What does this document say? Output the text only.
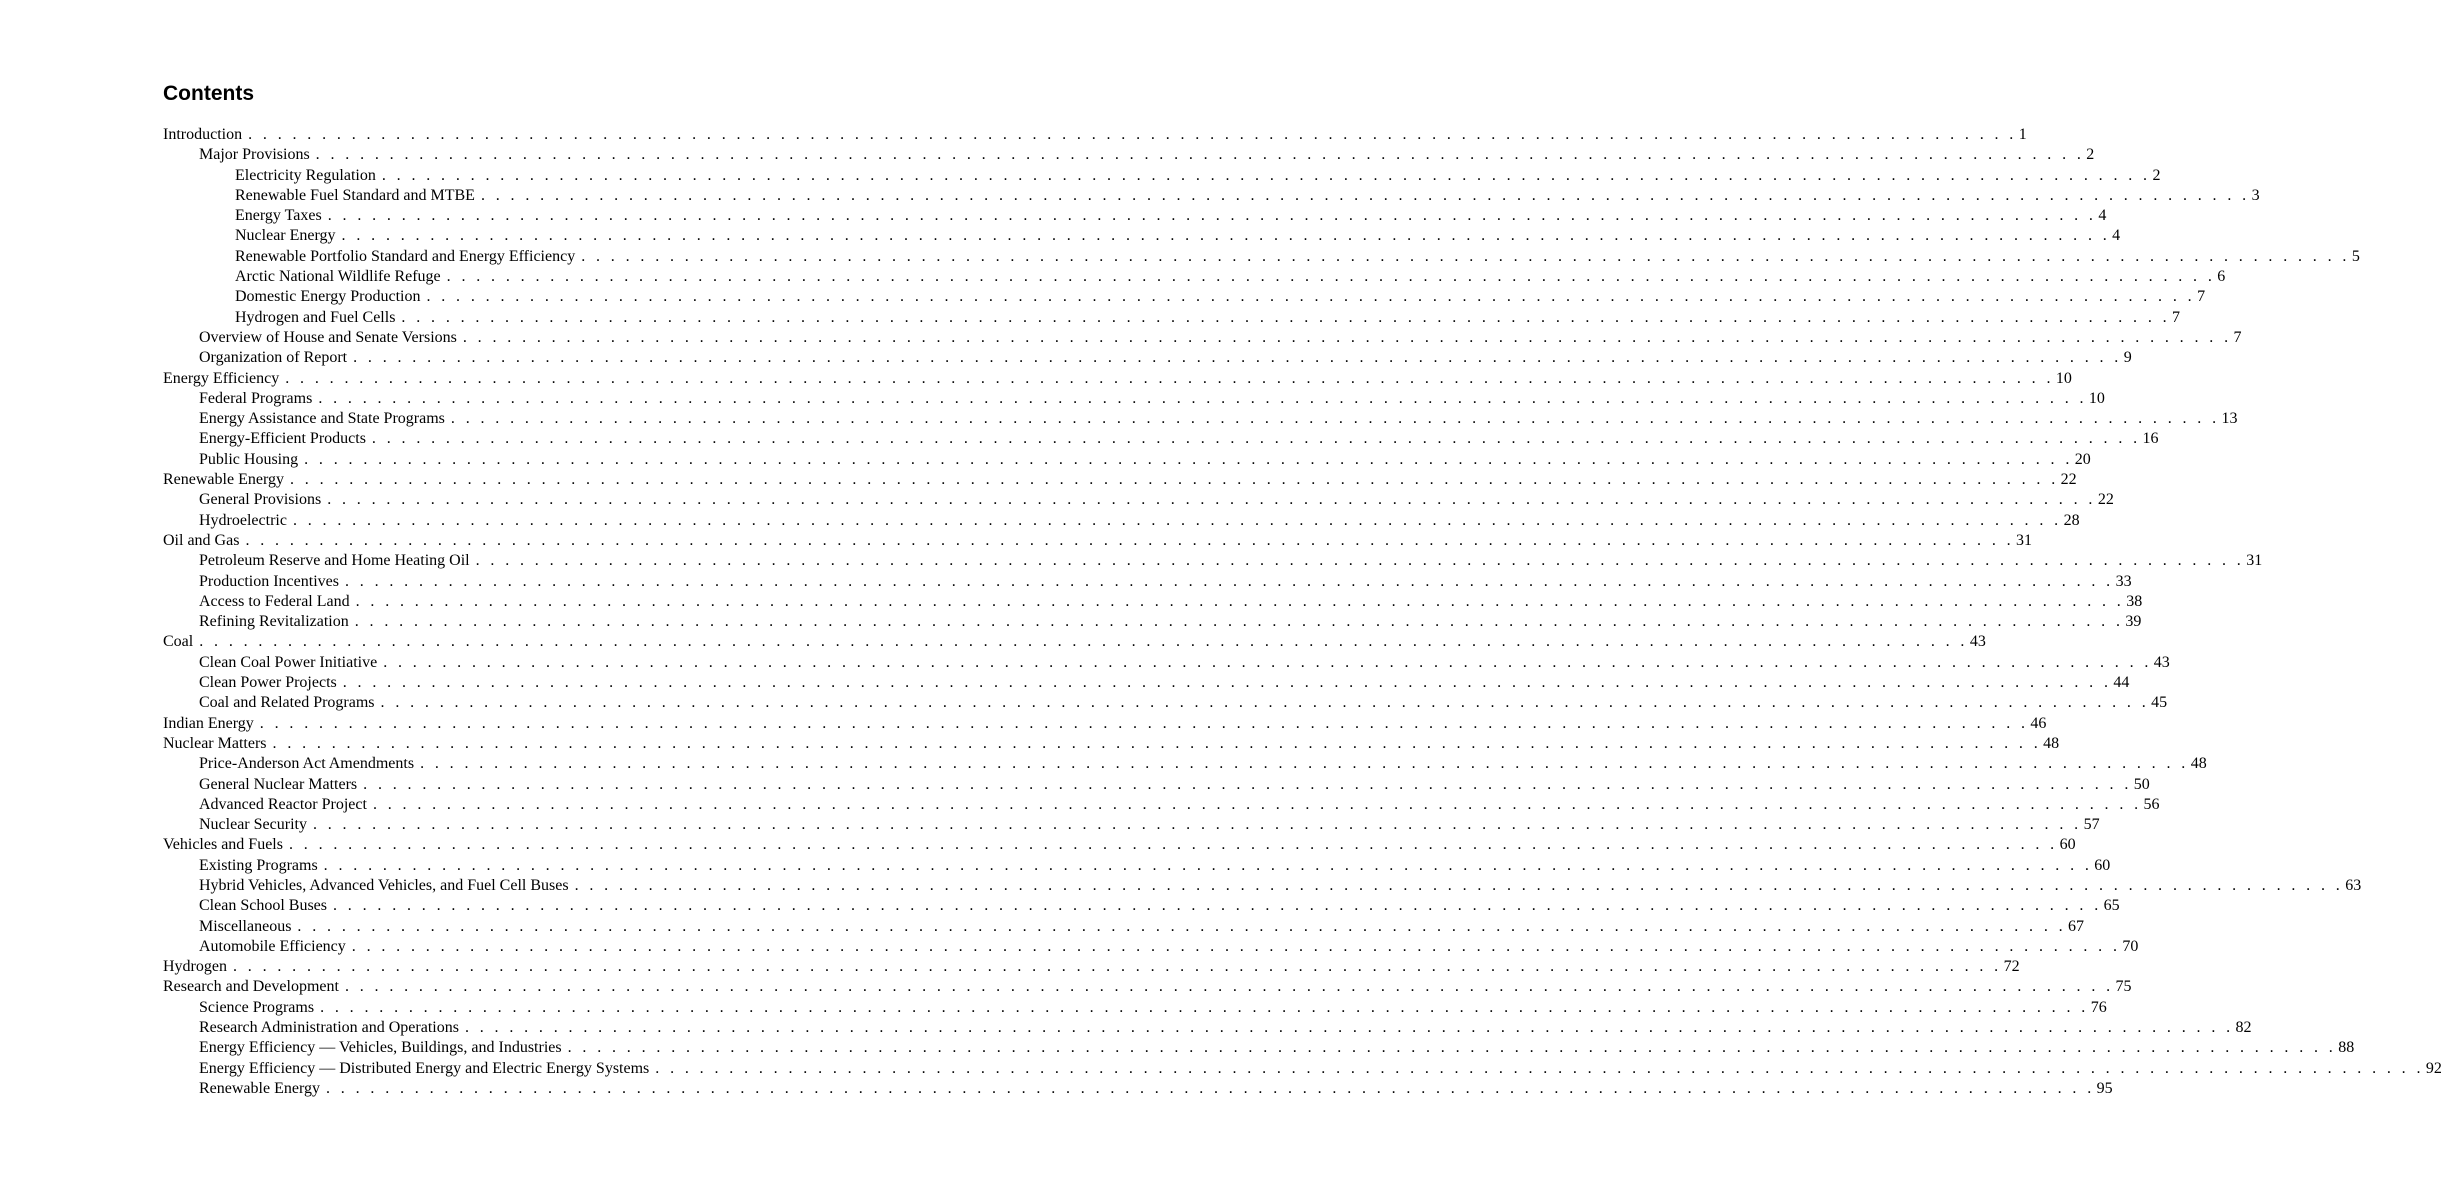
Contents
Introduction . . . . . . . . . . . . . . . . . . . . . . . . . . . . . . . . . . . . . . . . . . . . . . . . . . . . . . . . . . . . . . . . . . . . . . . . . . . . . . . . . . . . . . . . . . . . . . . . . . . . . . . . . . . . . . . . . . . . . . . . 1
Major Provisions . . . . . . . . . . . . . . . . . . . . . . . . . . . . . . . . . . . . . . . . . . . . . . . . . . . . . . . . . . . . . . . . . . . . . . . . . . . . . . . . . . . . . . . . . . . . . . . . . . . . . . . . . . . . . . . . . . . . . . . . 2
Electricity Regulation . . . . . . . . . . . . . . . . . . . . . . . . . . . . . . . . . . . . . . . . . . . . . . . . . . . . . . . . . . . . . . . . . . . . . . . . . . . . . . . . . . . . . . . . . . . . . . . . . . . . . . . . . . . . . . . . . . . . . . . . 2
Renewable Fuel Standard and MTBE . . . . . . . . . . . . . . . . . . . . . . . . . . . . . . . . . . . . . . . . . . . . . . . . . . . . . . . . . . . . . . . . . . . . . . . . . . . . . . . . . . . . . . . . . . . . . . . . . . . . . . . . . . . . . . . . . . . . . . . . 3
Energy Taxes . . . . . . . . . . . . . . . . . . . . . . . . . . . . . . . . . . . . . . . . . . . . . . . . . . . . . . . . . . . . . . . . . . . . . . . . . . . . . . . . . . . . . . . . . . . . . . . . . . . . . . . . . . . . . . . . . . . . . . . . 4
Nuclear Energy . . . . . . . . . . . . . . . . . . . . . . . . . . . . . . . . . . . . . . . . . . . . . . . . . . . . . . . . . . . . . . . . . . . . . . . . . . . . . . . . . . . . . . . . . . . . . . . . . . . . . . . . . . . . . . . . . . . . . . . . 4
Renewable Portfolio Standard and Energy Efficiency . . . . . . . . . . . . . . . . . . . . . . . . . . . . . . . . . . . . . . . . . . . . . . . . . . . . . . . . . . . . . . . . . . . . . . . . . . . . . . . . . . . . . . . . . . . . . . . . . . . . . . . . . . . . . . . . . . . . . . . . 5
Arctic National Wildlife Refuge . . . . . . . . . . . . . . . . . . . . . . . . . . . . . . . . . . . . . . . . . . . . . . . . . . . . . . . . . . . . . . . . . . . . . . . . . . . . . . . . . . . . . . . . . . . . . . . . . . . . . . . . . . . . . . . . . . . . . . . . 6
Domestic Energy Production . . . . . . . . . . . . . . . . . . . . . . . . . . . . . . . . . . . . . . . . . . . . . . . . . . . . . . . . . . . . . . . . . . . . . . . . . . . . . . . . . . . . . . . . . . . . . . . . . . . . . . . . . . . . . . . . . . . . . . . . 7
Hydrogen and Fuel Cells . . . . . . . . . . . . . . . . . . . . . . . . . . . . . . . . . . . . . . . . . . . . . . . . . . . . . . . . . . . . . . . . . . . . . . . . . . . . . . . . . . . . . . . . . . . . . . . . . . . . . . . . . . . . . . . . . . . . . . . . 7
Overview of House and Senate Versions . . . . . . . . . . . . . . . . . . . . . . . . . . . . . . . . . . . . . . . . . . . . . . . . . . . . . . . . . . . . . . . . . . . . . . . . . . . . . . . . . . . . . . . . . . . . . . . . . . . . . . . . . . . . . . . . . . . . . . . . 7
Organization of Report . . . . . . . . . . . . . . . . . . . . . . . . . . . . . . . . . . . . . . . . . . . . . . . . . . . . . . . . . . . . . . . . . . . . . . . . . . . . . . . . . . . . . . . . . . . . . . . . . . . . . . . . . . . . . . . . . . . . . . . . 9
Energy Efficiency . . . . . . . . . . . . . . . . . . . . . . . . . . . . . . . . . . . . . . . . . . . . . . . . . . . . . . . . . . . . . . . . . . . . . . . . . . . . . . . . . . . . . . . . . . . . . . . . . . . . . . . . . . . . . . . . . . . . . . . . 10
Federal Programs . . . . . . . . . . . . . . . . . . . . . . . . . . . . . . . . . . . . . . . . . . . . . . . . . . . . . . . . . . . . . . . . . . . . . . . . . . . . . . . . . . . . . . . . . . . . . . . . . . . . . . . . . . . . . . . . . . . . . . . . 10
Energy Assistance and State Programs . . . . . . . . . . . . . . . . . . . . . . . . . . . . . . . . . . . . . . . . . . . . . . . . . . . . . . . . . . . . . . . . . . . . . . . . . . . . . . . . . . . . . . . . . . . . . . . . . . . . . . . . . . . . . . . . . . . . . . . . 13
Energy-Efficient Products . . . . . . . . . . . . . . . . . . . . . . . . . . . . . . . . . . . . . . . . . . . . . . . . . . . . . . . . . . . . . . . . . . . . . . . . . . . . . . . . . . . . . . . . . . . . . . . . . . . . . . . . . . . . . . . . . . . . . . . . 16
Public Housing . . . . . . . . . . . . . . . . . . . . . . . . . . . . . . . . . . . . . . . . . . . . . . . . . . . . . . . . . . . . . . . . . . . . . . . . . . . . . . . . . . . . . . . . . . . . . . . . . . . . . . . . . . . . . . . . . . . . . . . . 20
Renewable Energy . . . . . . . . . . . . . . . . . . . . . . . . . . . . . . . . . . . . . . . . . . . . . . . . . . . . . . . . . . . . . . . . . . . . . . . . . . . . . . . . . . . . . . . . . . . . . . . . . . . . . . . . . . . . . . . . . . . . . . . . 22
General Provisions . . . . . . . . . . . . . . . . . . . . . . . . . . . . . . . . . . . . . . . . . . . . . . . . . . . . . . . . . . . . . . . . . . . . . . . . . . . . . . . . . . . . . . . . . . . . . . . . . . . . . . . . . . . . . . . . . . . . . . . . 22
Hydroelectric . . . . . . . . . . . . . . . . . . . . . . . . . . . . . . . . . . . . . . . . . . . . . . . . . . . . . . . . . . . . . . . . . . . . . . . . . . . . . . . . . . . . . . . . . . . . . . . . . . . . . . . . . . . . . . . . . . . . . . . . 28
Oil and Gas . . . . . . . . . . . . . . . . . . . . . . . . . . . . . . . . . . . . . . . . . . . . . . . . . . . . . . . . . . . . . . . . . . . . . . . . . . . . . . . . . . . . . . . . . . . . . . . . . . . . . . . . . . . . . . . . . . . . . . . . 31
Petroleum Reserve and Home Heating Oil . . . . . . . . . . . . . . . . . . . . . . . . . . . . . . . . . . . . . . . . . . . . . . . . . . . . . . . . . . . . . . . . . . . . . . . . . . . . . . . . . . . . . . . . . . . . . . . . . . . . . . . . . . . . . . . . . . . . . . . . 31
Production Incentives . . . . . . . . . . . . . . . . . . . . . . . . . . . . . . . . . . . . . . . . . . . . . . . . . . . . . . . . . . . . . . . . . . . . . . . . . . . . . . . . . . . . . . . . . . . . . . . . . . . . . . . . . . . . . . . . . . . . . . . . 33
Access to Federal Land . . . . . . . . . . . . . . . . . . . . . . . . . . . . . . . . . . . . . . . . . . . . . . . . . . . . . . . . . . . . . . . . . . . . . . . . . . . . . . . . . . . . . . . . . . . . . . . . . . . . . . . . . . . . . . . . . . . . . . . . 38
Refining Revitalization . . . . . . . . . . . . . . . . . . . . . . . . . . . . . . . . . . . . . . . . . . . . . . . . . . . . . . . . . . . . . . . . . . . . . . . . . . . . . . . . . . . . . . . . . . . . . . . . . . . . . . . . . . . . . . . . . . . . . . . . 39
Coal . . . . . . . . . . . . . . . . . . . . . . . . . . . . . . . . . . . . . . . . . . . . . . . . . . . . . . . . . . . . . . . . . . . . . . . . . . . . . . . . . . . . . . . . . . . . . . . . . . . . . . . . . . . . . . . . . . . . . . . . 43
Clean Coal Power Initiative . . . . . . . . . . . . . . . . . . . . . . . . . . . . . . . . . . . . . . . . . . . . . . . . . . . . . . . . . . . . . . . . . . . . . . . . . . . . . . . . . . . . . . . . . . . . . . . . . . . . . . . . . . . . . . . . . . . . . . . . 43
Clean Power Projects . . . . . . . . . . . . . . . . . . . . . . . . . . . . . . . . . . . . . . . . . . . . . . . . . . . . . . . . . . . . . . . . . . . . . . . . . . . . . . . . . . . . . . . . . . . . . . . . . . . . . . . . . . . . . . . . . . . . . . . . 44
Coal and Related Programs . . . . . . . . . . . . . . . . . . . . . . . . . . . . . . . . . . . . . . . . . . . . . . . . . . . . . . . . . . . . . . . . . . . . . . . . . . . . . . . . . . . . . . . . . . . . . . . . . . . . . . . . . . . . . . . . . . . . . . . . 45
Indian Energy . . . . . . . . . . . . . . . . . . . . . . . . . . . . . . . . . . . . . . . . . . . . . . . . . . . . . . . . . . . . . . . . . . . . . . . . . . . . . . . . . . . . . . . . . . . . . . . . . . . . . . . . . . . . . . . . . . . . . . . . 46
Nuclear Matters . . . . . . . . . . . . . . . . . . . . . . . . . . . . . . . . . . . . . . . . . . . . . . . . . . . . . . . . . . . . . . . . . . . . . . . . . . . . . . . . . . . . . . . . . . . . . . . . . . . . . . . . . . . . . . . . . . . . . . . . 48
Price-Anderson Act Amendments . . . . . . . . . . . . . . . . . . . . . . . . . . . . . . . . . . . . . . . . . . . . . . . . . . . . . . . . . . . . . . . . . . . . . . . . . . . . . . . . . . . . . . . . . . . . . . . . . . . . . . . . . . . . . . . . . . . . . . . . 48
General Nuclear Matters . . . . . . . . . . . . . . . . . . . . . . . . . . . . . . . . . . . . . . . . . . . . . . . . . . . . . . . . . . . . . . . . . . . . . . . . . . . . . . . . . . . . . . . . . . . . . . . . . . . . . . . . . . . . . . . . . . . . . . . . 50
Advanced Reactor Project . . . . . . . . . . . . . . . . . . . . . . . . . . . . . . . . . . . . . . . . . . . . . . . . . . . . . . . . . . . . . . . . . . . . . . . . . . . . . . . . . . . . . . . . . . . . . . . . . . . . . . . . . . . . . . . . . . . . . . . . 56
Nuclear Security . . . . . . . . . . . . . . . . . . . . . . . . . . . . . . . . . . . . . . . . . . . . . . . . . . . . . . . . . . . . . . . . . . . . . . . . . . . . . . . . . . . . . . . . . . . . . . . . . . . . . . . . . . . . . . . . . . . . . . . . 57
Vehicles and Fuels . . . . . . . . . . . . . . . . . . . . . . . . . . . . . . . . . . . . . . . . . . . . . . . . . . . . . . . . . . . . . . . . . . . . . . . . . . . . . . . . . . . . . . . . . . . . . . . . . . . . . . . . . . . . . . . . . . . . . . . . 60
Existing Programs . . . . . . . . . . . . . . . . . . . . . . . . . . . . . . . . . . . . . . . . . . . . . . . . . . . . . . . . . . . . . . . . . . . . . . . . . . . . . . . . . . . . . . . . . . . . . . . . . . . . . . . . . . . . . . . . . . . . . . . . 60
Hybrid Vehicles, Advanced Vehicles, and Fuel Cell Buses . . . . . . . . . . . . . . . . . . . . . . . . . . . . . . . . . . . . . . . . . . . . . . . . . . . . . . . . . . . . . . . . . . . . . . . . . . . . . . . . . . . . . . . . . . . . . . . . . . . . . . . . . . . . . . . . . . . . . . . . 63
Clean School Buses . . . . . . . . . . . . . . . . . . . . . . . . . . . . . . . . . . . . . . . . . . . . . . . . . . . . . . . . . . . . . . . . . . . . . . . . . . . . . . . . . . . . . . . . . . . . . . . . . . . . . . . . . . . . . . . . . . . . . . . . 65
Miscellaneous . . . . . . . . . . . . . . . . . . . . . . . . . . . . . . . . . . . . . . . . . . . . . . . . . . . . . . . . . . . . . . . . . . . . . . . . . . . . . . . . . . . . . . . . . . . . . . . . . . . . . . . . . . . . . . . . . . . . . . . . 67
Automobile Efficiency . . . . . . . . . . . . . . . . . . . . . . . . . . . . . . . . . . . . . . . . . . . . . . . . . . . . . . . . . . . . . . . . . . . . . . . . . . . . . . . . . . . . . . . . . . . . . . . . . . . . . . . . . . . . . . . . . . . . . . . . 70
Hydrogen . . . . . . . . . . . . . . . . . . . . . . . . . . . . . . . . . . . . . . . . . . . . . . . . . . . . . . . . . . . . . . . . . . . . . . . . . . . . . . . . . . . . . . . . . . . . . . . . . . . . . . . . . . . . . . . . . . . . . . . . 72
Research and Development . . . . . . . . . . . . . . . . . . . . . . . . . . . . . . . . . . . . . . . . . . . . . . . . . . . . . . . . . . . . . . . . . . . . . . . . . . . . . . . . . . . . . . . . . . . . . . . . . . . . . . . . . . . . . . . . . . . . . . . . 75
Science Programs . . . . . . . . . . . . . . . . . . . . . . . . . . . . . . . . . . . . . . . . . . . . . . . . . . . . . . . . . . . . . . . . . . . . . . . . . . . . . . . . . . . . . . . . . . . . . . . . . . . . . . . . . . . . . . . . . . . . . . . . 76
Research Administration and Operations . . . . . . . . . . . . . . . . . . . . . . . . . . . . . . . . . . . . . . . . . . . . . . . . . . . . . . . . . . . . . . . . . . . . . . . . . . . . . . . . . . . . . . . . . . . . . . . . . . . . . . . . . . . . . . . . . . . . . . . . 82
Energy Efficiency — Vehicles, Buildings, and Industries . . . . . . . . . . . . . . . . . . . . . . . . . . . . . . . . . . . . . . . . . . . . . . . . . . . . . . . . . . . . . . . . . . . . . . . . . . . . . . . . . . . . . . . . . . . . . . . . . . . . . . . . . . . . . . . . . . . . . . . . 88
Energy Efficiency — Distributed Energy and Electric Energy Systems . . . . . . . . . . . . . . . . . . . . . . . . . . . . . . . . . . . . . . . . . . . . . . . . . . . . . . . . . . . . . . . . . . . . . . . . . . . . . . . . . . . . . . . . . . . . . . . . . . . . . . . . . . . . . . . . . . . . . . . . 92
Renewable Energy . . . . . . . . . . . . . . . . . . . . . . . . . . . . . . . . . . . . . . . . . . . . . . . . . . . . . . . . . . . . . . . . . . . . . . . . . . . . . . . . . . . . . . . . . . . . . . . . . . . . . . . . . . . . . . . . . . . . . . . . 95
